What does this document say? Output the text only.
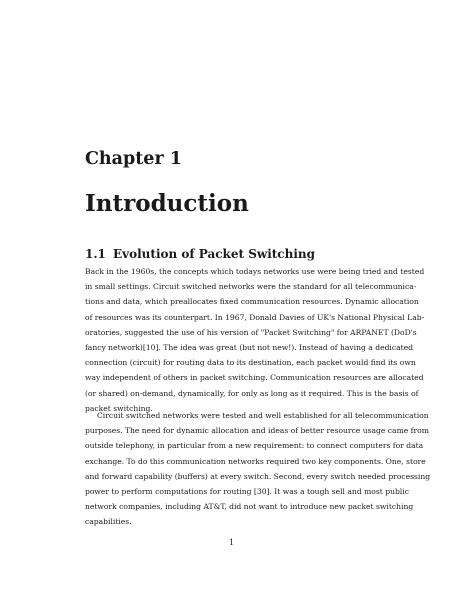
Chapter 1
Introduction
1.1 Evolution of Packet Switching
Back in the 1960s, the concepts which todays networks use were being tried and tested
in small settings. Circuit switched networks were the standard for all telecommunica-
tions and data, which preallocates fixed communication resources. Dynamic allocation
of resources was its counterpart. In 1967, Donald Davies of UK's National Physical Lab-
oratories, suggested the use of his version of "Packet Switching" for ARPANET (DoD's
fancy network)[10]. The idea was great (but not new!). Instead of having a dedicated
connection (circuit) for routing data to its destination, each packet would find its own
way independent of others in packet switching. Communication resources are allocated
(or shared) on-demand, dynamically, for only as long as it required. This is the basis of
packet switching.
Circuit switched networks were tested and well established for all telecommunication
purposes. The need for dynamic allocation and ideas of better resource usage came from
outside telephony, in particular from a new requirement: to connect computers for data
exchange. To do this communication networks required two key components. One, store
and forward capability (buffers) at every switch. Second, every switch needed processing
power to perform computations for routing [30]. It was a tough sell and most public
network companies, including AT&T, did not want to introduce new packet switching
capabilities.
1
